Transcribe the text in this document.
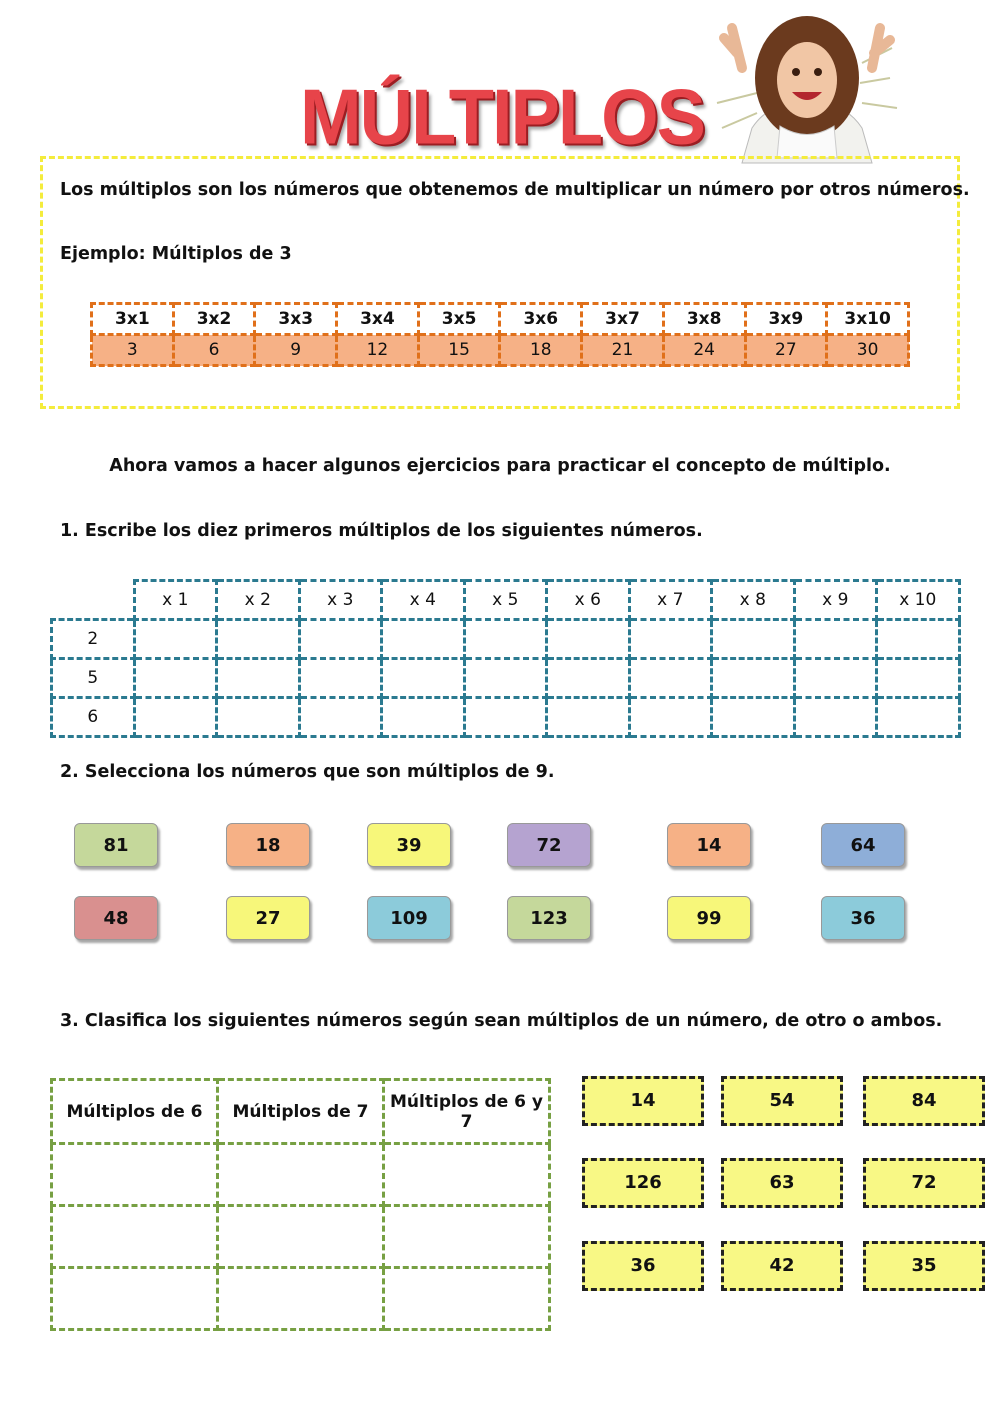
MÚLTIPLOS
Los múltiplos son los números que obtenemos de multiplicar un número por otros números.
Ejemplo: Múltiplos de 3
3x1	3x2	3x3	3x4	3x5	3x6	3x7	3x8	3x9	3x10
3	6	9	12	15	18	21	24	27	30
Ahora vamos a hacer algunos ejercicios para practicar el concepto de múltiplo.
1. Escribe los diez primeros múltiplos de los siguientes números.
	x 1	x 2	x 3	x 4	x 5	x 6	x 7	x 8	x 9	x 10
2										
5										
6										
2. Selecciona los números que son múltiplos de 9.
81	18	39	72	14	64
48	27	109	123	99	36
3. Clasifica los siguientes números según sean múltiplos de un número, de otro o ambos.
Múltiplos de 6	Múltiplos de 7	Múltiplos de 6 y 7

14	54	84
126	63	72
36	42	35
